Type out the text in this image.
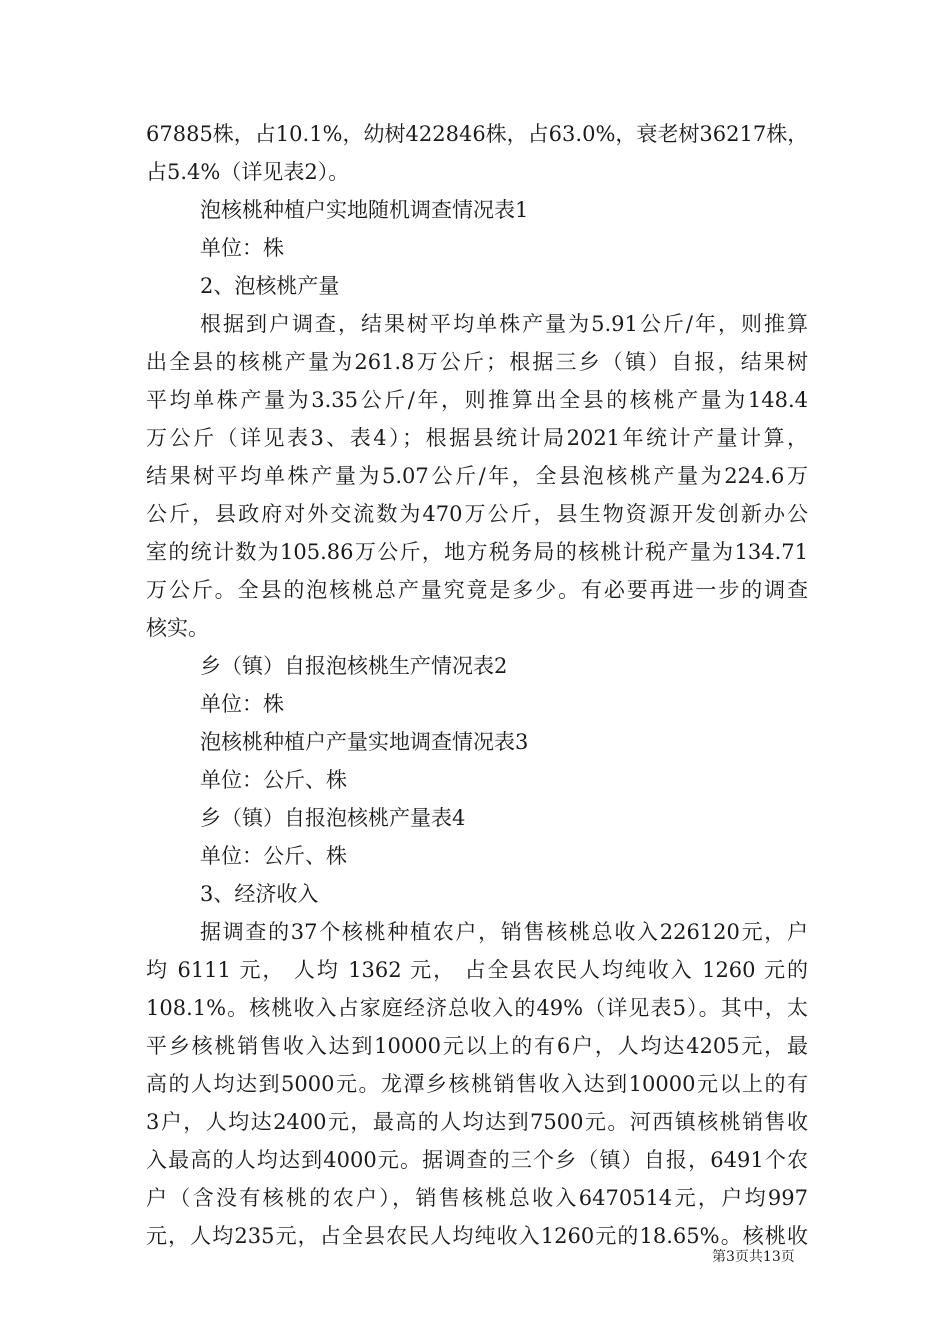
67885株，占10.1%，幼树422846株，占63.0%，衰老树36217株，

占5.4%（详见表2）。

泡核桃种植户实地随机调查情况表1

单位：株

2、泡核桃产量

根据到户调查，结果树平均单株产量为5.91公斤/年，则推算

出全县的核桃产量为261.8万公斤；根据三乡（镇）自报，结果树

平均单株产量为3.35公斤/年，则推算出全县的核桃产量为148.4

万公斤（详见表3、表4）；根据县统计局2021年统计产量计算，

结果树平均单株产量为5.07公斤/年，全县泡核桃产量为224.6万

公斤，县政府对外交流数为470万公斤，县生物资源开发创新办公

室的统计数为105.86万公斤，地方税务局的核桃计税产量为134.71

万公斤。全县的泡核桃总产量究竟是多少。有必要再进一步的调查

核实。

乡（镇）自报泡核桃生产情况表2

单位：株

泡核桃种植户产量实地调查情况表3

单位：公斤、株

乡（镇）自报泡核桃产量表4

单位：公斤、株

3、经济收入

据调查的37个核桃种植农户，销售核桃总收入226120元，户

均 6111 元， 人均 1362 元， 占全县农民人均纯收入 1260 元的

108.1%。核桃收入占家庭经济总收入的49%（详见表5）。其中，太

平乡核桃销售收入达到10000元以上的有6户，人均达4205元，最

高的人均达到5000元。龙潭乡核桃销售收入达到10000元以上的有

3户，人均达2400元，最高的人均达到7500元。河西镇核桃销售收

入最高的人均达到4000元。据调查的三个乡（镇）自报，6491个农

户（含没有核桃的农户），销售核桃总收入6470514元，户均997

元，人均235元，占全县农民人均纯收入1260元的18.65%。核桃收

第3页共13页
